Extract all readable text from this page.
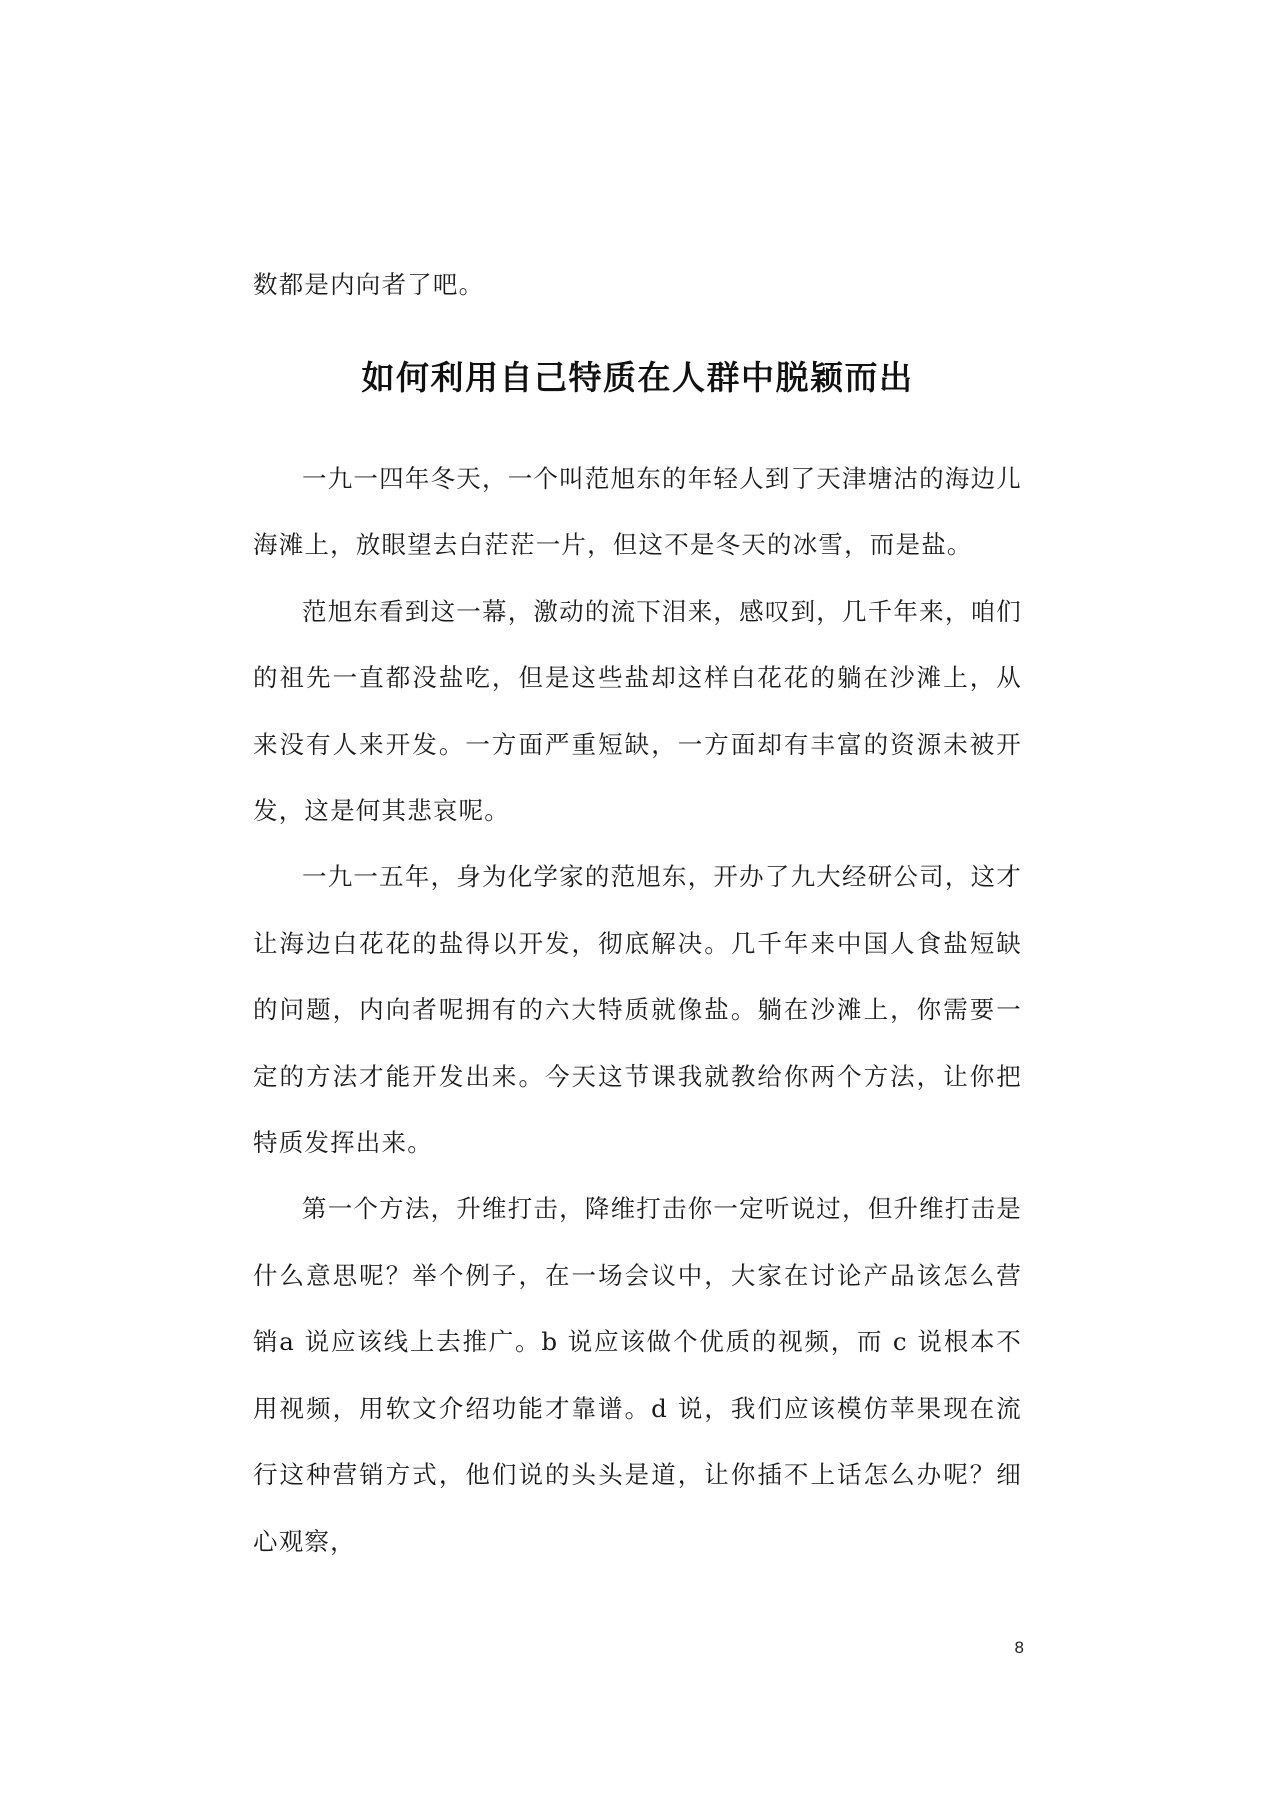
数都是内向者了吧。
如何利用自己特质在人群中脱颖而出

一九一四年冬天，一个叫范旭东的年轻人到了天津塘沽的海边儿海滩上，放眼望去白茫茫一片，但这不是冬天的冰雪，而是盐。

范旭东看到这一幕，激动的流下泪来，感叹到，几千年来，咱们的祖先一直都没盐吃，但是这些盐却这样白花花的躺在沙滩上，从来没有人来开发。一方面严重短缺，一方面却有丰富的资源未被开发，这是何其悲哀呢。

一九一五年，身为化学家的范旭东，开办了九大经研公司，这才让海边白花花的盐得以开发，彻底解决。几千年来中国人食盐短缺的问题，内向者呢拥有的六大特质就像盐。躺在沙滩上，你需要一定的方法才能开发出来。今天这节课我就教给你两个方法，让你把特质发挥出来。

第一个方法，升维打击，降维打击你一定听说过，但升维打击是什么意思呢？举个例子，在一场会议中，大家在讨论产品该怎么营销a 说应该线上去推广。b 说应该做个优质的视频，而 c 说根本不用视频，用软文介绍功能才靠谱。d 说，我们应该模仿苹果现在流行这种营销方式，他们说的头头是道，让你插不上话怎么办呢？细心观察，

8
